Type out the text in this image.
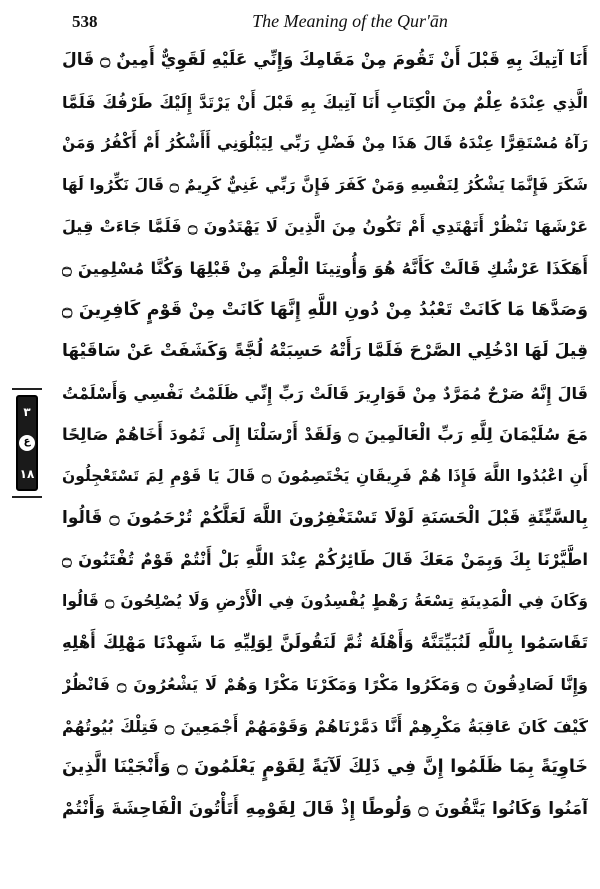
538	The Meaning of the Qur'ān
أَنَا آتِيكَ بِهِ قَبْلَ أَنْ تَقُومَ مِنْ مَقَامِكَ وَإِنِّي عَلَيْهِ لَقَوِيٌّ أَمِينٌ ۝ قَالَ
الَّذِي عِنْدَهُ عِلْمٌ مِنَ الْكِتَابِ أَنَا آتِيكَ بِهِ قَبْلَ أَنْ يَرْتَدَّ إِلَيْكَ طَرْفُكَ فَلَمَّا
رَآهُ مُسْتَقِرًّا عِنْدَهُ قَالَ هَذَا مِنْ فَضْلِ رَبِّي لِيَبْلُوَنِي أَأَشْكُرُ أَمْ أَكْفُرُ وَمَنْ
شَكَرَ فَإِنَّمَا يَشْكُرُ لِنَفْسِهِ وَمَنْ كَفَرَ فَإِنَّ رَبِّي غَنِيٌّ كَرِيمٌ ۝ قَالَ نَكِّرُوا لَهَا
عَرْشَهَا نَنْظُرْ أَتَهْتَدِي أَمْ تَكُونُ مِنَ الَّذِينَ لَا يَهْتَدُونَ ۝ فَلَمَّا جَاءَتْ قِيلَ
أَهَكَذَا عَرْشُكِ قَالَتْ كَأَنَّهُ هُوَ وَأُوتِينَا الْعِلْمَ مِنْ قَبْلِهَا وَكُنَّا مُسْلِمِينَ ۝
وَصَدَّهَا مَا كَانَتْ تَعْبُدُ مِنْ دُونِ اللَّهِ إِنَّهَا كَانَتْ مِنْ قَوْمٍ كَافِرِينَ ۝
قِيلَ لَهَا ادْخُلِي الصَّرْحَ فَلَمَّا رَأَتْهُ حَسِبَتْهُ لُجَّةً وَكَشَفَتْ عَنْ سَاقَيْهَا
قَالَ إِنَّهُ صَرْحٌ مُمَرَّدٌ مِنْ قَوَارِيرَ قَالَتْ رَبِّ إِنِّي ظَلَمْتُ نَفْسِي وَأَسْلَمْتُ
مَعَ سُلَيْمَانَ لِلَّهِ رَبِّ الْعَالَمِينَ ۝ وَلَقَدْ أَرْسَلْنَا إِلَى ثَمُودَ أَخَاهُمْ صَالِحًا
أَنِ اعْبُدُوا اللَّهَ فَإِذَا هُمْ فَرِيقَانِ يَخْتَصِمُونَ ۝ قَالَ يَا قَوْمِ لِمَ تَسْتَعْجِلُونَ
بِالسَّيِّئَةِ قَبْلَ الْحَسَنَةِ لَوْلَا تَسْتَغْفِرُونَ اللَّهَ لَعَلَّكُمْ تُرْحَمُونَ ۝ قَالُوا
اطَّيَّرْنَا بِكَ وَبِمَنْ مَعَكَ قَالَ طَائِرُكُمْ عِنْدَ اللَّهِ بَلْ أَنْتُمْ قَوْمٌ تُفْتَنُونَ ۝
وَكَانَ فِي الْمَدِينَةِ تِسْعَةُ رَهْطٍ يُفْسِدُونَ فِي الْأَرْضِ وَلَا يُصْلِحُونَ ۝ قَالُوا
تَقَاسَمُوا بِاللَّهِ لَنُبَيِّتَنَّهُ وَأَهْلَهُ ثُمَّ لَنَقُولَنَّ لِوَلِيِّهِ مَا شَهِدْنَا مَهْلِكَ أَهْلِهِ
وَإِنَّا لَصَادِقُونَ ۝ وَمَكَرُوا مَكْرًا وَمَكَرْنَا مَكْرًا وَهُمْ لَا يَشْعُرُونَ ۝ فَانْظُرْ
كَيْفَ كَانَ عَاقِبَةُ مَكْرِهِمْ أَنَّا دَمَّرْنَاهُمْ وَقَوْمَهُمْ أَجْمَعِينَ ۝ فَتِلْكَ بُيُوتُهُمْ
خَاوِيَةً بِمَا ظَلَمُوا إِنَّ فِي ذَلِكَ لَآيَةً لِقَوْمٍ يَعْلَمُونَ ۝ وَأَنْجَيْنَا الَّذِينَ
آمَنُوا وَكَانُوا يَتَّقُونَ ۝ وَلُوطًا إِذْ قَالَ لِقَوْمِهِ أَتَأْتُونَ الْفَاحِشَةَ وَأَنْتُمْ
٣
ع
١٨
